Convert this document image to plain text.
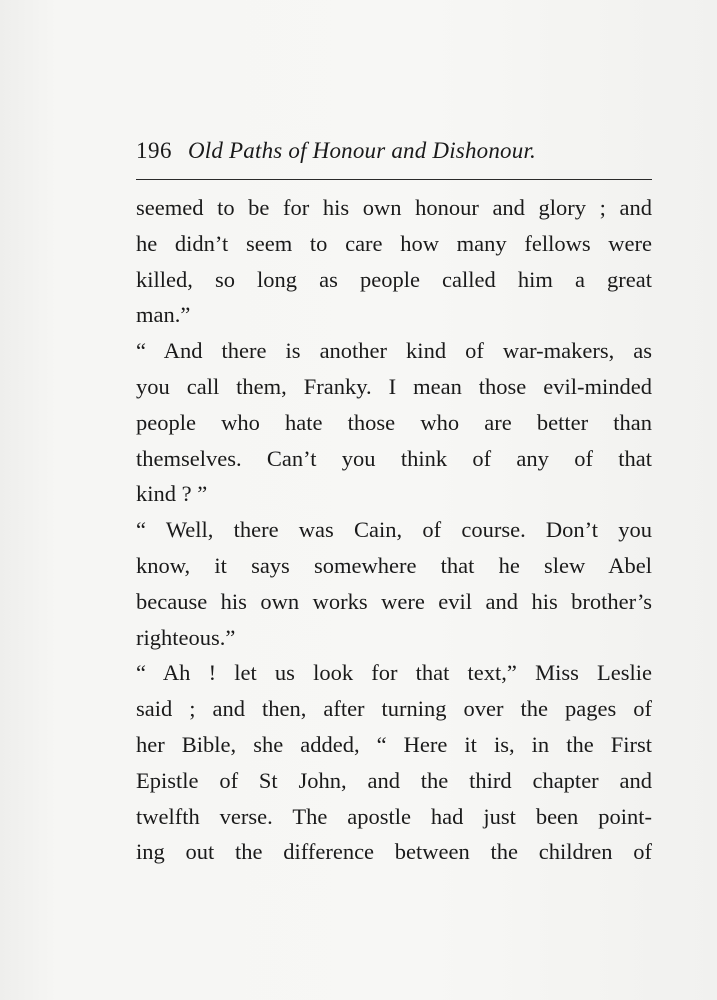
196 Old Paths of Honour and Dishonour.
seemed to be for his own honour and glory ; and
he didn’t seem to care how many fellows were
killed, so long as people called him a great
man.”
“ And there is another kind of war-makers, as
you call them, Franky. I mean those evil-minded
people who hate those who are better than
themselves. Can’t you think of any of that
kind ? ”
“ Well, there was Cain, of course. Don’t you
know, it says somewhere that he slew Abel
because his own works were evil and his brother’s
righteous.”
“ Ah ! let us look for that text,” Miss Leslie
said ; and then, after turning over the pages of
her Bible, she added, “ Here it is, in the First
Epistle of St John, and the third chapter and
twelfth verse. The apostle had just been point-
ing out the difference between the children of
